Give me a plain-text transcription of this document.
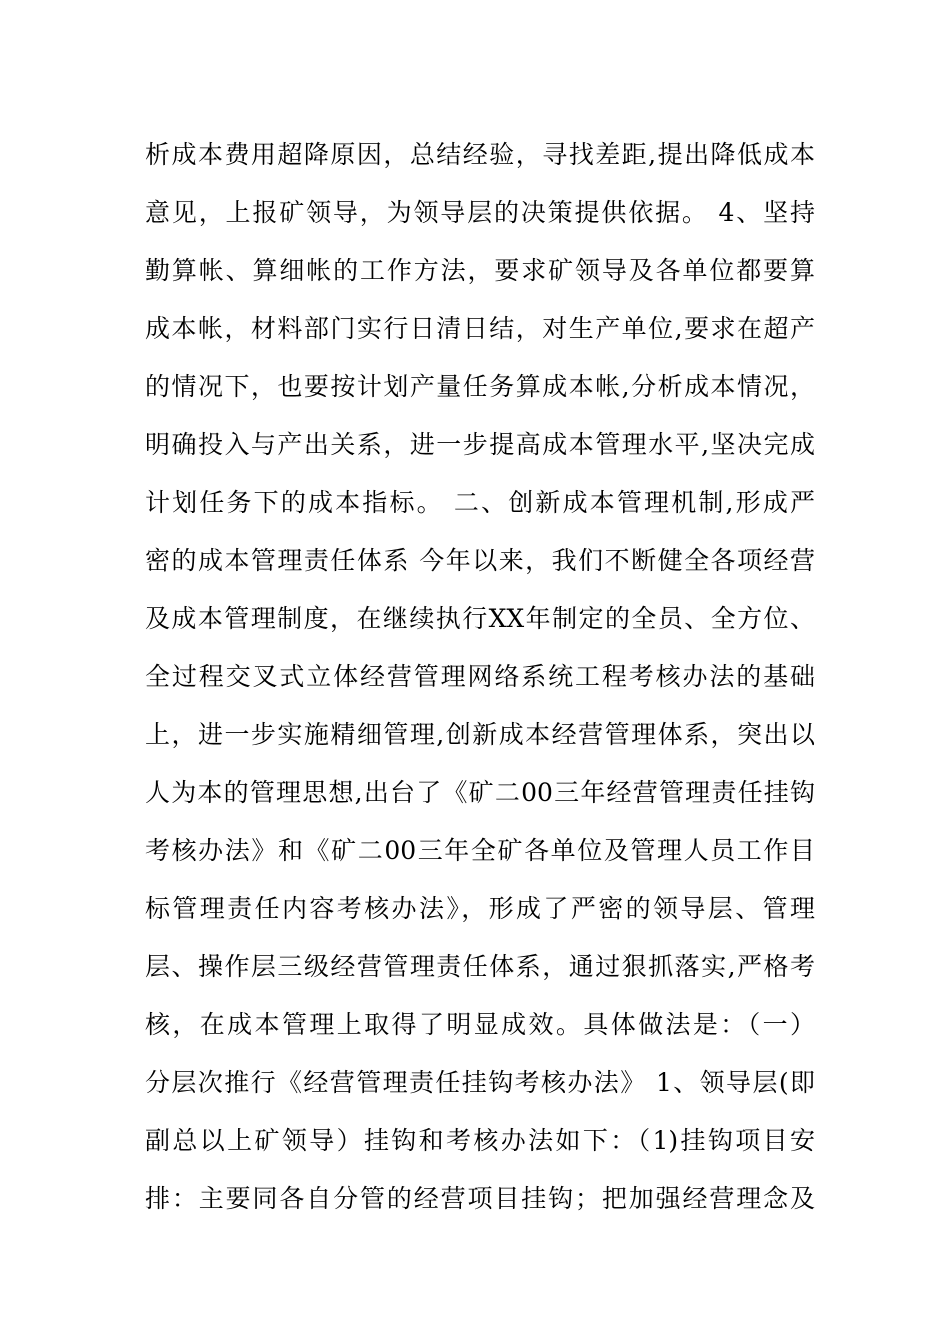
析成本费用超降原因，总结经验，寻找差距,提出降低成本
意见，上报矿领导，为领导层的决策提供依据。 4、坚持
勤算帐、算细帐的工作方法，要求矿领导及各单位都要算
成本帐，材料部门实行日清日结，对生产单位,要求在超产
的情况下，也要按计划产量任务算成本帐,分析成本情况，
明确投入与产出关系，进一步提高成本管理水平,坚决完成
计划任务下的成本指标。 二、创新成本管理机制,形成严
密的成本管理责任体系 今年以来，我们不断健全各项经营
及成本管理制度，在继续执行XX年制定的全员、全方位、
全过程交叉式立体经营管理网络系统工程考核办法的基础
上，进一步实施精细管理,创新成本经营管理体系，突出以
人为本的管理思想,出台了《矿二00三年经营管理责任挂钩
考核办法》和《矿二00三年全矿各单位及管理人员工作目
标管理责任内容考核办法》，形成了严密的领导层、管理
层、操作层三级经营管理责任体系，通过狠抓落实,严格考
核，在成本管理上取得了明显成效。具体做法是：（一）
分层次推行《经营管理责任挂钩考核办法》 1、领导层(即
副总以上矿领导）挂钩和考核办法如下：（1)挂钩项目安
排：主要同各自分管的经营项目挂钩；把加强经营理念及
